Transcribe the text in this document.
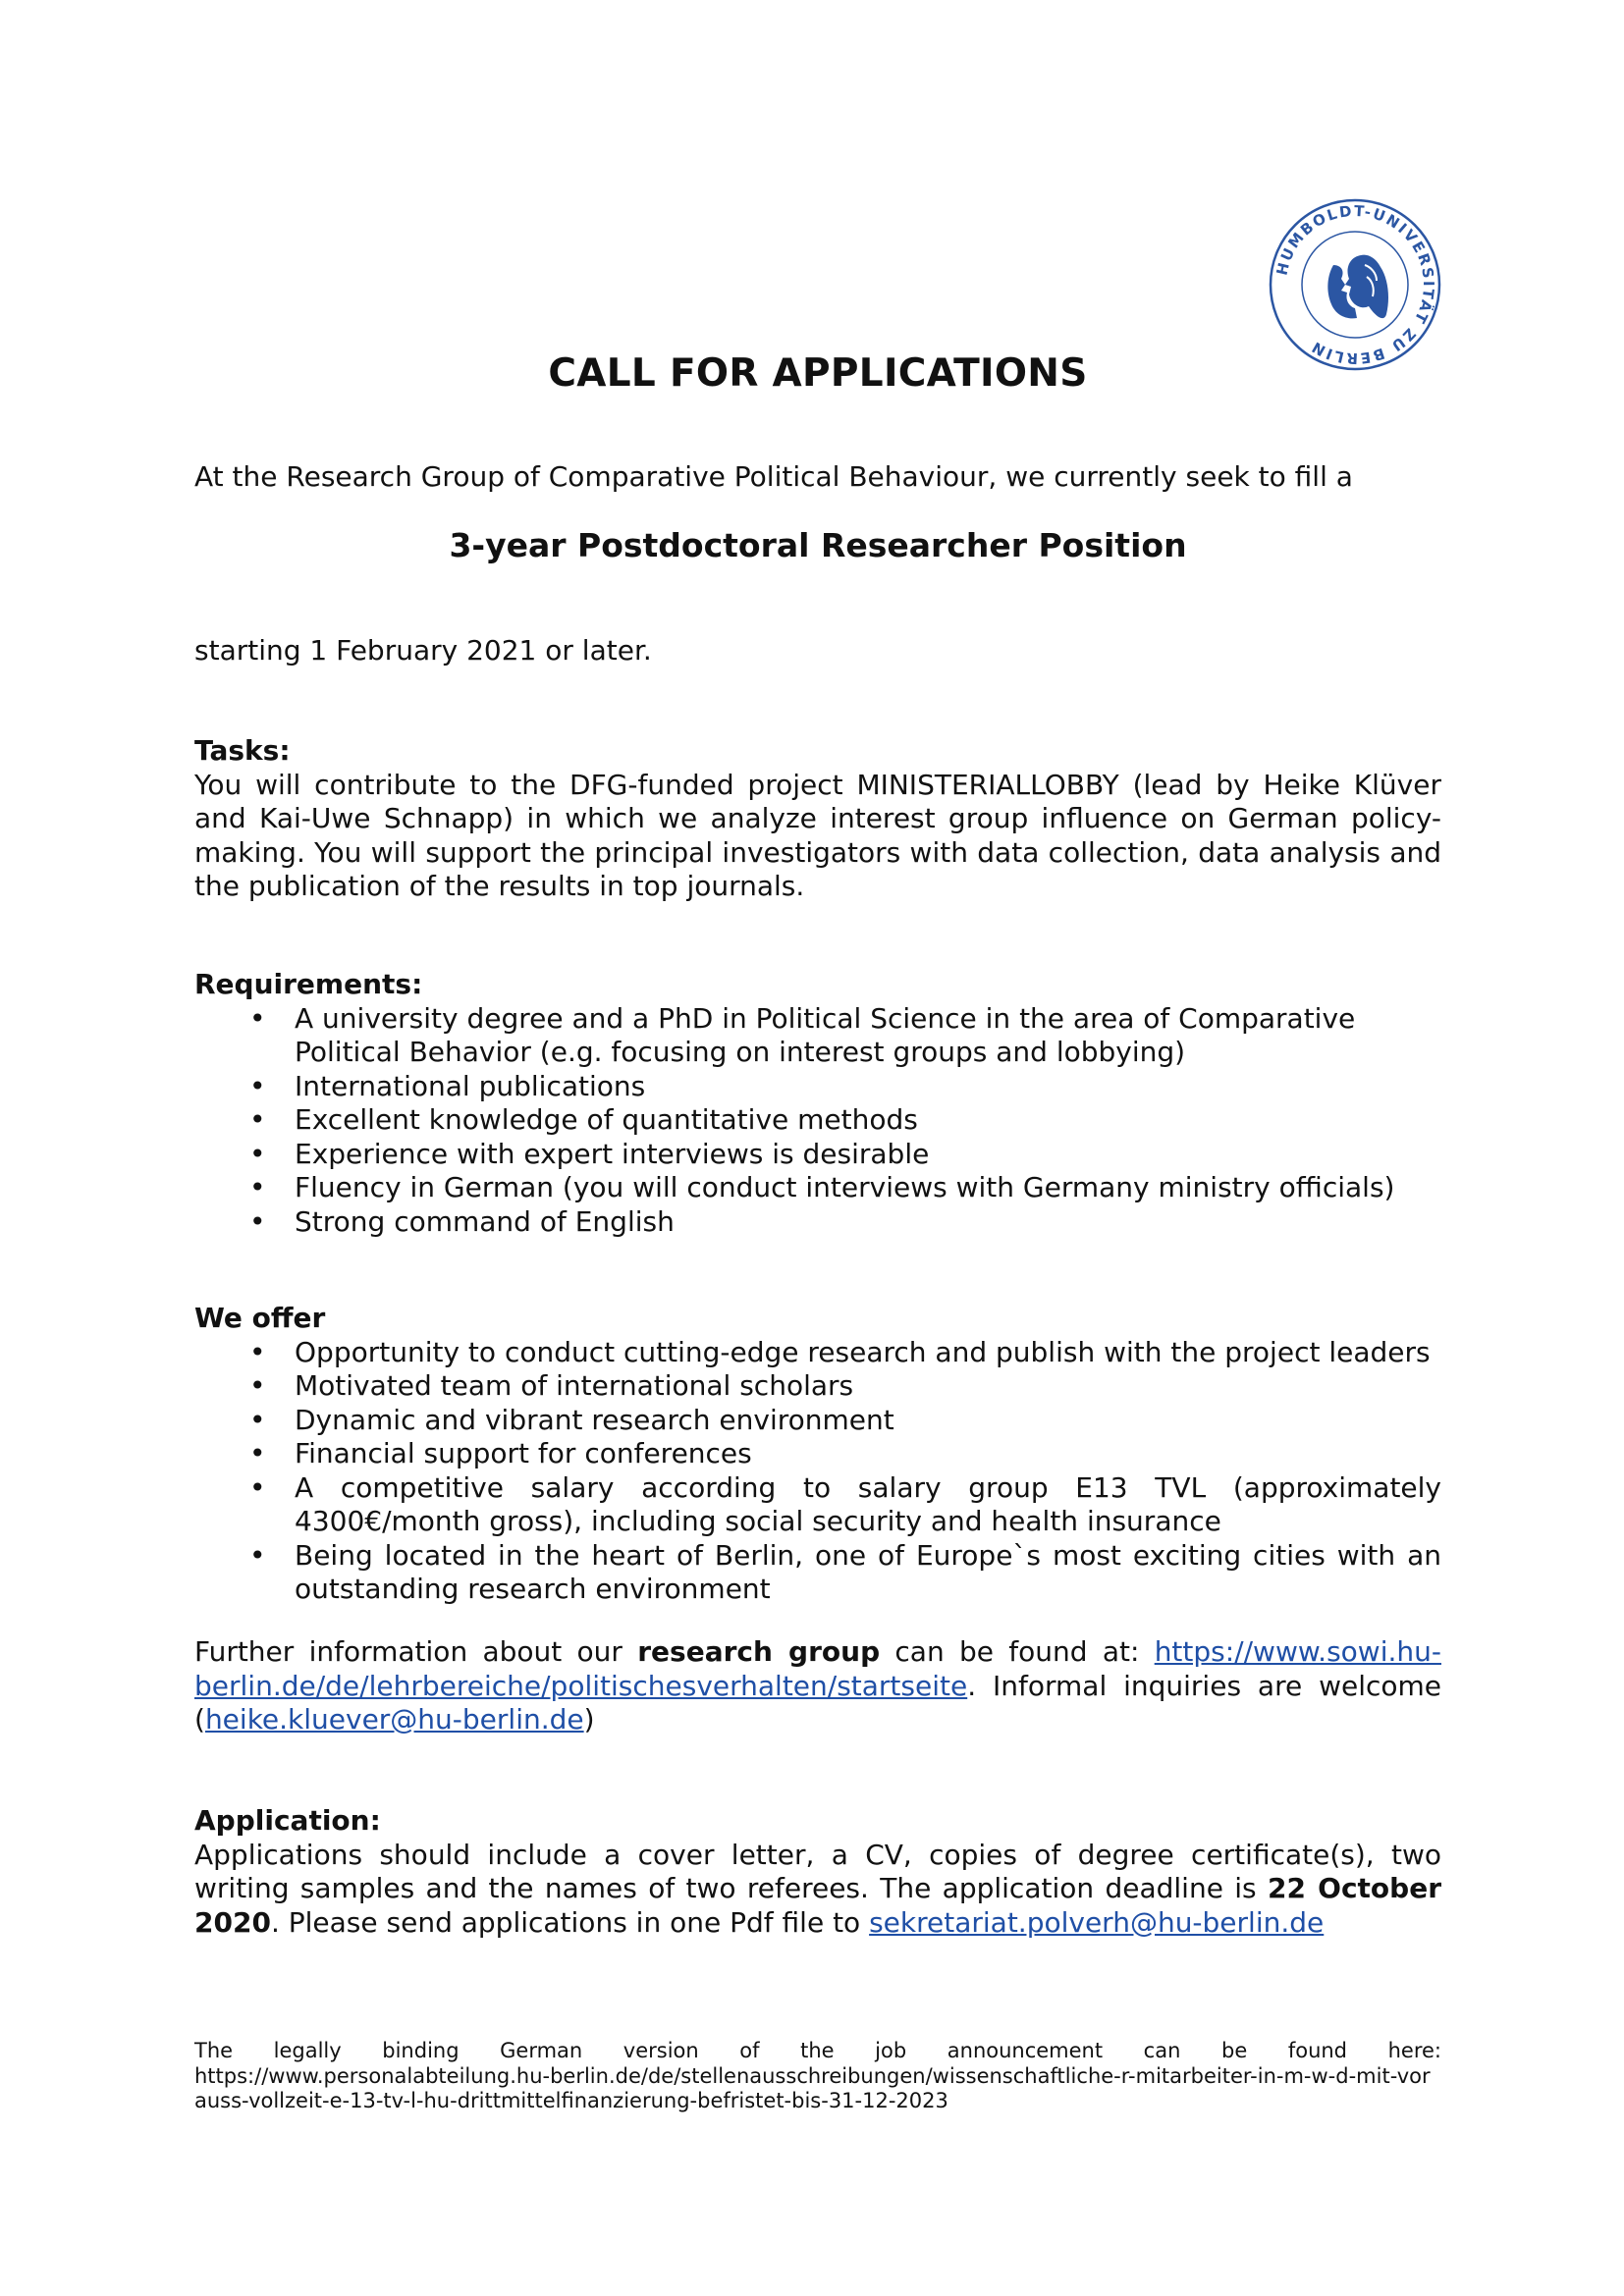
HUMBOLDT-UNIVERSITÄT ZU BERLIN
CALL FOR APPLICATIONS
At the Research Group of Comparative Political Behaviour, we currently seek to fill a
3-year Postdoctoral Researcher Position
starting 1 February 2021 or later.
Tasks:
You will contribute to the DFG-funded project MINISTERIALLOBBY (lead by Heike Klüver and Kai-Uwe Schnapp) in which we analyze interest group influence on German policy-making. You will support the principal investigators with data collection, data analysis and the publication of the results in top journals.
Requirements:
• A university degree and a PhD in Political Science in the area of Comparative Political Behavior (e.g. focusing on interest groups and lobbying)
• International publications
• Excellent knowledge of quantitative methods
• Experience with expert interviews is desirable
• Fluency in German (you will conduct interviews with Germany ministry officials)
• Strong command of English
We offer
• Opportunity to conduct cutting-edge research and publish with the project leaders
• Motivated team of international scholars
• Dynamic and vibrant research environment
• Financial support for conferences
• A competitive salary according to salary group E13 TVL (approximately 4300€/month gross), including social security and health insurance
• Being located in the heart of Berlin, one of Europe`s most exciting cities with an outstanding research environment
Further information about our research group can be found at: https://www.sowi.hu-berlin.de/de/lehrbereiche/politischesverhalten/startseite. Informal inquiries are welcome (heike.kluever@hu-berlin.de)
Application:
Applications should include a cover letter, a CV, copies of degree certificate(s), two writing samples and the names of two referees. The application deadline is 22 October 2020. Please send applications in one Pdf file to sekretariat.polverh@hu-berlin.de
The legally binding German version of the job announcement can be found here:
https://www.personalabteilung.hu-berlin.de/de/stellenausschreibungen/wissenschaftliche-r-mitarbeiter-in-m-w-d-mit-vorauss-vollzeit-e-13-tv-l-hu-drittmittelfinanzierung-befristet-bis-31-12-2023
